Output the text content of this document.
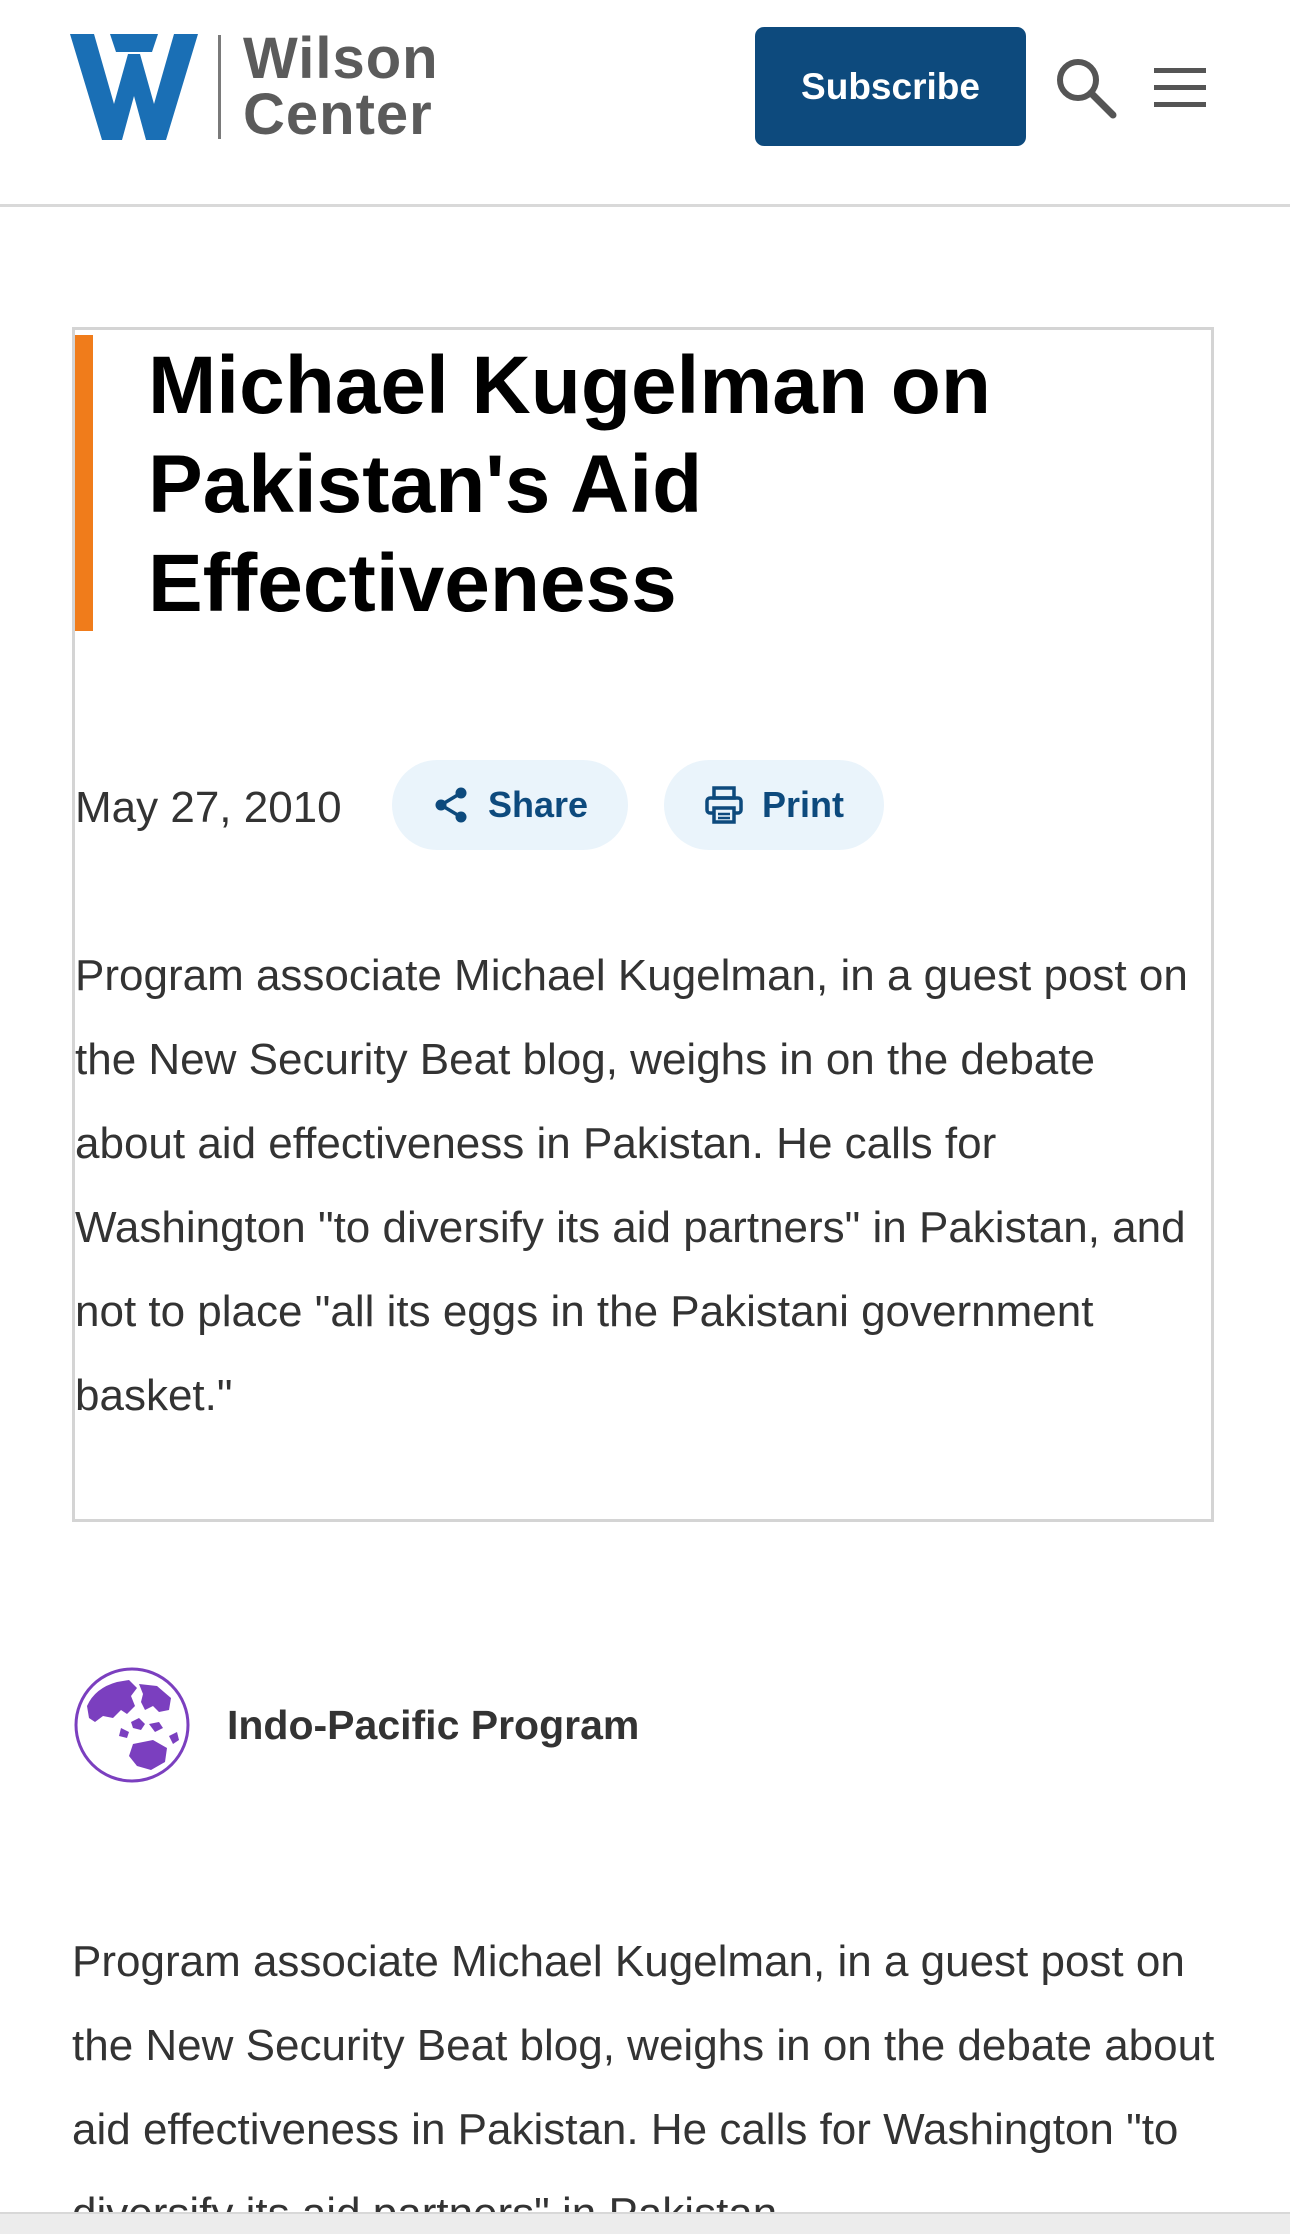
Wilson
Center	Subscribe
Michael Kugelman on Pakistan's Aid Effectiveness
May 27, 2010	Share	Print

Program associate Michael Kugelman, in a guest post on the New Security Beat blog, weighs in on the debate about aid effectiveness in Pakistan. He calls for Washington "to diversify its aid partners" in Pakistan, and not to place "all its eggs in the Pakistani government basket."

Indo-Pacific Program

Program associate Michael Kugelman, in a guest post on the New Security Beat blog, weighs in on the debate about aid effectiveness in Pakistan. He calls for Washington "to
